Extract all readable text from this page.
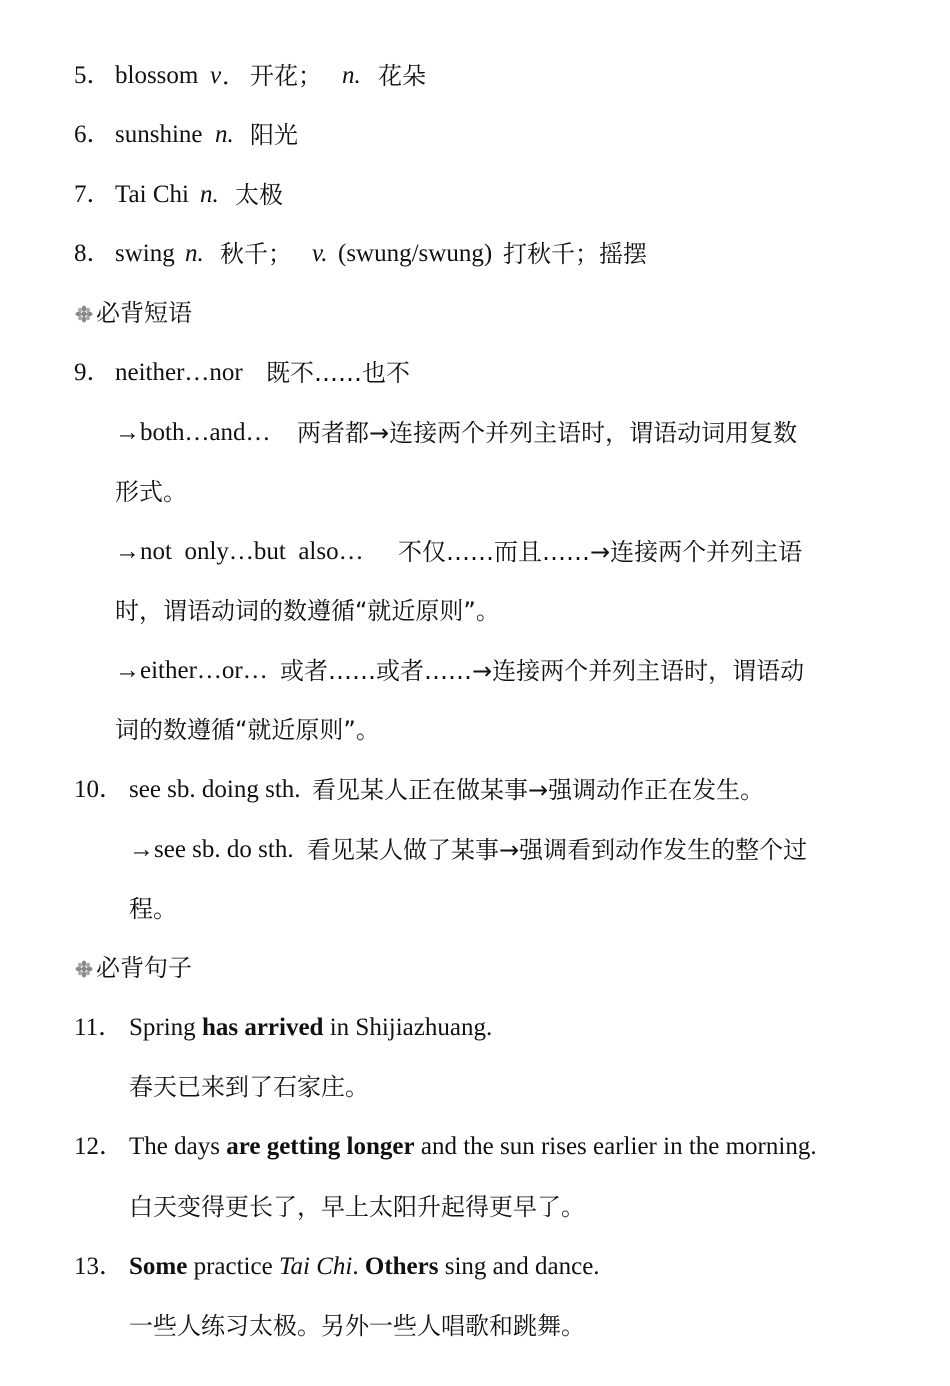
5． blossom v ． 开花； n. 花朵
6． sunshine n. 阳光
7． Tai Chi n. 太极
8． swing n. 秋千； v. (swung/swung) 打秋千；摇摆
必背短语
9． neither…nor 既不……也不
→both…and… 两者都→连接两个并列主语时，谓语动词用复数
形式。
→not  only…but  also… 不仅……而且……→连接两个并列主语
时，谓语动词的数遵循“就近原则”。
→either…or… 或者……或者……→连接两个并列主语时，谓语动
词的数遵循“就近原则”。
10． see sb. doing sth. 看见某人正在做某事→强调动作正在发生。
→see sb. do sth. 看见某人做了某事→强调看到动作发生的整个过
程。
必背句子
11． Spring has arrived in Shijiazhuang.
春天已来到了石家庄。
12． The days are getting longer and the sun rises earlier in the morning.
白天变得更长了，早上太阳升起得更早了。
13． Some practice Tai Chi. Others sing and dance.
一些人练习太极。另外一些人唱歌和跳舞。
